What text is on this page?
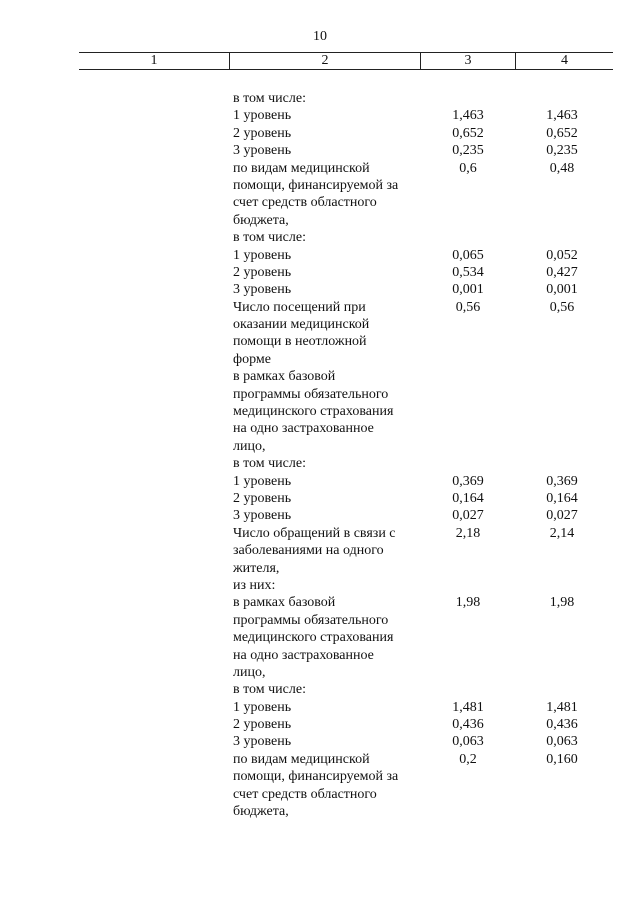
10
1	2	3	4
в том числе:
1 уровень	1,463	1,463
2 уровень	0,652	0,652
3 уровень	0,235	0,235
по видам медицинской	0,6	0,48
помощи, финансируемой за
счет средств областного
бюджета,
в том числе:
1 уровень	0,065	0,052
2 уровень	0,534	0,427
3 уровень	0,001	0,001
Число посещений при	0,56	0,56
оказании медицинской
помощи в неотложной
форме
в рамках базовой
программы обязательного
медицинского страхования
на одно застрахованное
лицо,
в том числе:
1 уровень	0,369	0,369
2 уровень	0,164	0,164
3 уровень	0,027	0,027
Число обращений в связи с	2,18	2,14
заболеваниями на одного
жителя,
из них:
в рамках базовой	1,98	1,98
программы обязательного
медицинского страхования
на одно застрахованное
лицо,
в том числе:
1 уровень	1,481	1,481
2 уровень	0,436	0,436
3 уровень	0,063	0,063
по видам медицинской	0,2	0,160
помощи, финансируемой за
счет средств областного
бюджета,
